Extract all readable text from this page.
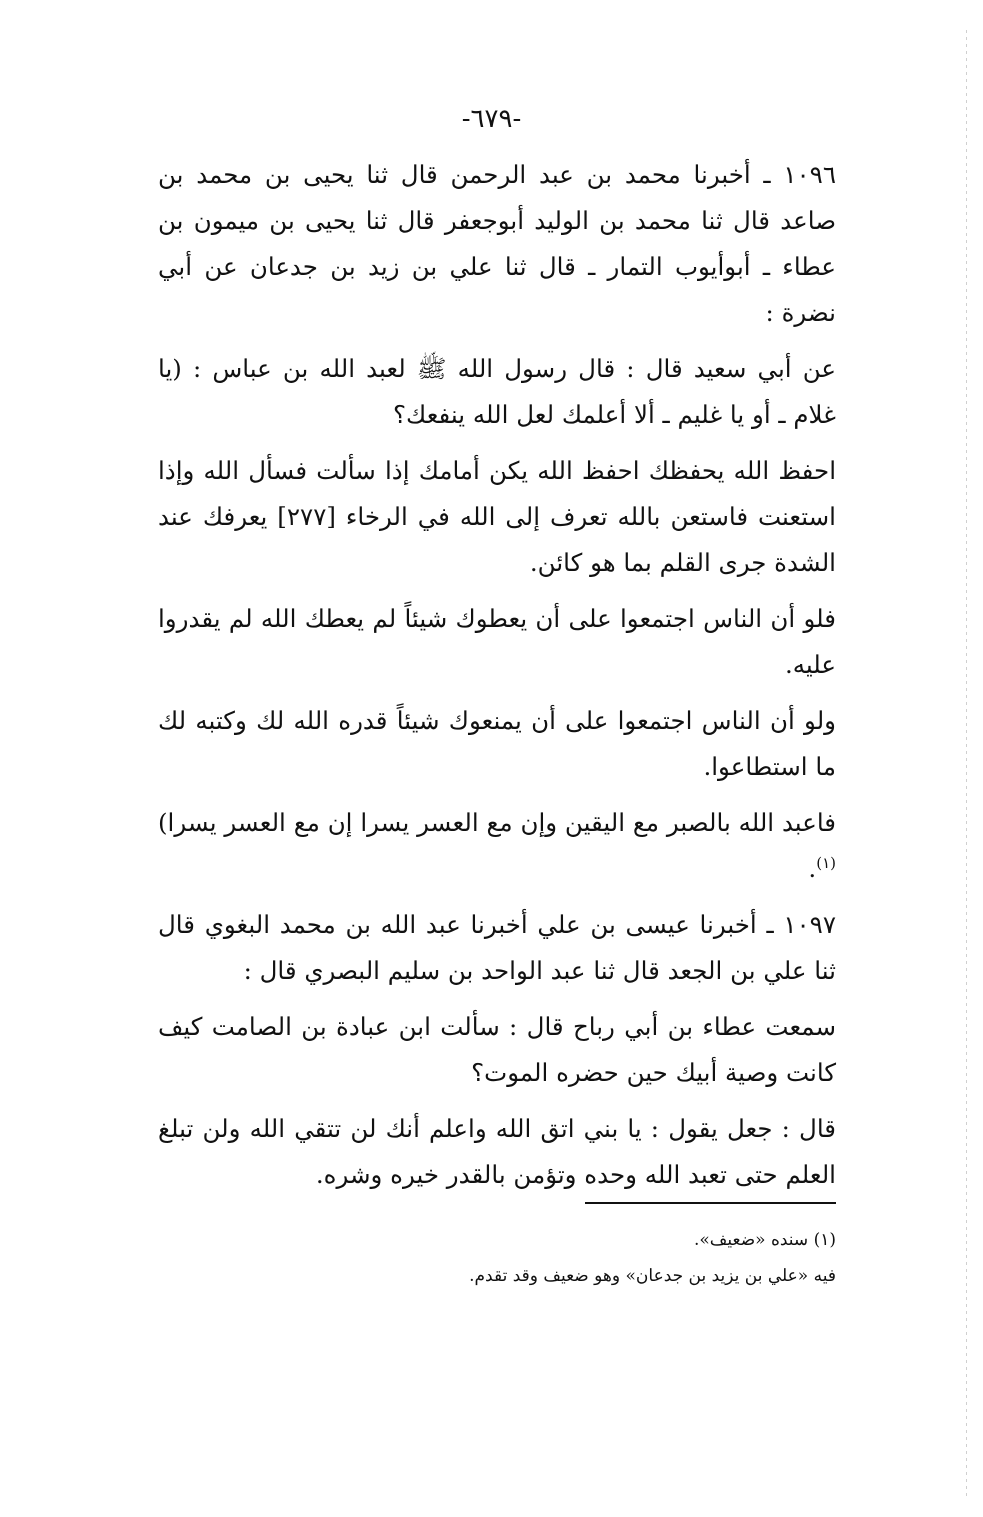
-٦٧٩-

١٠٩٦ ـ أخبرنا محمد بن عبد الرحمن قال ثنا يحيى بن محمد بن صاعد قال ثنا محمد بن الوليد أبوجعفر قال ثنا يحيى بن ميمون بن عطاء ـ أبوأيوب التمار ـ قال ثنا علي بن زيد بن جدعان عن أبي نضرة :

عن أبي سعيد قال : قال رسول الله ﷺ لعبد الله بن عباس : (يا غلام ـ أو يا غليم ـ ألا أعلمك لعل الله ينفعك؟

احفظ الله يحفظك احفظ الله يكن أمامك إذا سألت فسأل الله وإذا استعنت فاستعن بالله تعرف إلى الله في الرخاء [٢٧٧] يعرفك عند الشدة جرى القلم بما هو كائن.

فلو أن الناس اجتمعوا على أن يعطوك شيئاً لم يعطك الله لم يقدروا عليه.

ولو أن الناس اجتمعوا على أن يمنعوك شيئاً قدره الله لك وكتبه لك ما استطاعوا.

فاعبد الله بالصبر مع اليقين وإن مع العسر يسرا إن مع العسر يسرا)$^{(١)}$.

١٠٩٧ ـ أخبرنا عيسى بن علي أخبرنا عبد الله بن محمد البغوي قال ثنا علي بن الجعد قال ثنا عبد الواحد بن سليم البصري قال :

سمعت عطاء بن أبي رباح قال : سألت ابن عبادة بن الصامت كيف كانت وصية أبيك حين حضره الموت؟

قال : جعل يقول : يا بني اتق الله واعلم أنك لن تتقي الله ولن تبلغ العلم حتى تعبد الله وحده وتؤمن بالقدر خيره وشره.

(١) سنده «ضعيف».

فيه «علي بن يزيد بن جدعان» وهو ضعيف وقد تقدم.
